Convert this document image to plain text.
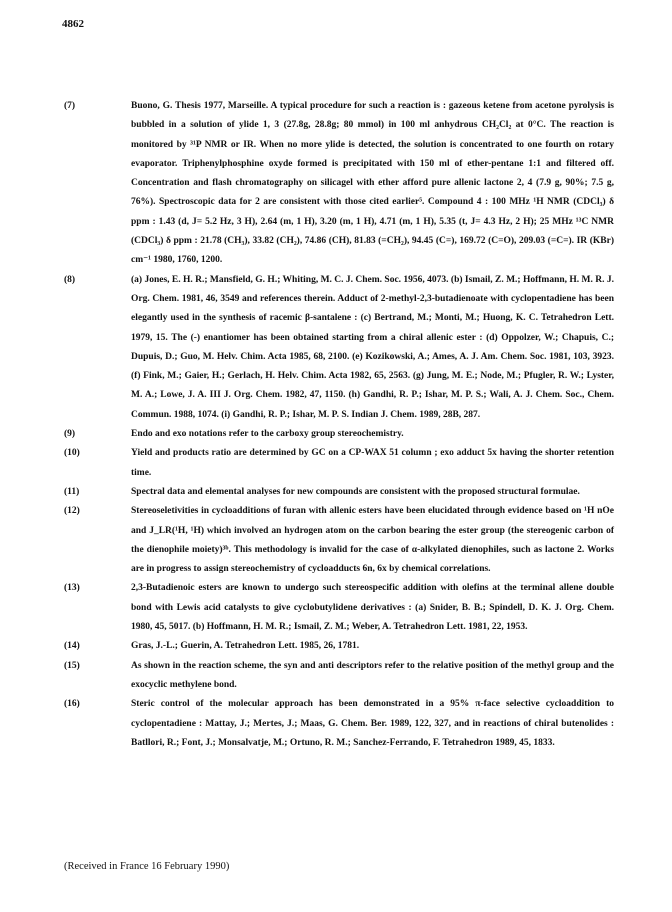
4862
(7)	Buono, G. Thesis 1977, Marseille. A typical procedure for such a reaction is : gazeous ketene from acetone pyrolysis is bubbled in a solution of ylide 1, 3 (27.8g, 28.8g; 80 mmol) in 100 ml anhydrous CH₂Cl₂ at 0°C. The reaction is monitored by ³¹P NMR or IR. When no more ylide is detected, the solution is concentrated to one fourth on rotary evaporator. Triphenylphosphine oxyde formed is precipitated with 150 ml of ether-pentane 1:1 and filtered off. Concentration and flash chromatography on silicagel with ether afford pure allenic lactone 2, 4 (7.9 g, 90%; 7.5 g, 76%). Spectroscopic data for 2 are consistent with those cited earlier⁵. Compound 4 : 100 MHz ¹H NMR (CDCl₃) δ ppm : 1.43 (d, J= 5.2 Hz, 3 H), 2.64 (m, 1 H), 3.20 (m, 1 H), 4.71 (m, 1 H), 5.35 (t, J= 4.3 Hz, 2 H); 25 MHz ¹³C NMR (CDCl₃) δ ppm : 21.78 (CH₃), 33.82 (CH₂), 74.86 (CH), 81.83 (=CH₂), 94.45 (C=), 169.72 (C=O), 209.03 (=C=). IR (KBr) cm⁻¹ 1980, 1760, 1200.
(8)	(a) Jones, E. H. R.; Mansfield, G. H.; Whiting, M. C. J. Chem. Soc. 1956, 4073. (b) Ismail, Z. M.; Hoffmann, H. M. R. J. Org. Chem. 1981, 46, 3549 and references therein. Adduct of 2-methyl-2,3-butadienoate with cyclopentadiene has been elegantly used in the synthesis of racemic β-santalene : (c) Bertrand, M.; Monti, M.; Huong, K. C. Tetrahedron Lett. 1979, 15. The (-) enantiomer has been obtained starting from a chiral allenic ester : (d) Oppolzer, W.; Chapuis, C.; Dupuis, D.; Guo, M. Helv. Chim. Acta 1985, 68, 2100. (e) Kozikowski, A.; Ames, A. J. Am. Chem. Soc. 1981, 103, 3923. (f) Fink, M.; Gaier, H.; Gerlach, H. Helv. Chim. Acta 1982, 65, 2563. (g) Jung, M. E.; Node, M.; Pfugler, R. W.; Lyster, M. A.; Lowe, J. A. III J. Org. Chem. 1982, 47, 1150. (h) Gandhi, R. P.; Ishar, M. P. S.; Wali, A. J. Chem. Soc., Chem. Commun. 1988, 1074. (i) Gandhi, R. P.; Ishar, M. P. S. Indian J. Chem. 1989, 28B, 287.
(9)	Endo and exo notations refer to the carboxy group stereochemistry.
(10)	Yield and products ratio are determined by GC on a CP-WAX 51 column ; exo adduct 5x having the shorter retention time.
(11)	Spectral data and elemental analyses for new compounds are consistent with the proposed structural formulae.
(12)	Stereoseletivities in cycloadditions of furan with allenic esters have been elucidated through evidence based on ¹H nOe and J_LR(¹H, ¹H) which involved an hydrogen atom on the carbon bearing the ester group (the stereogenic carbon of the dienophile moiety)³ᵇ. This methodology is invalid for the case of α-alkylated dienophiles, such as lactone 2. Works are in progress to assign stereochemistry of cycloadducts 6n, 6x by chemical correlations.
(13)	2,3-Butadienoic esters are known to undergo such stereospecific addition with olefins at the terminal allene double bond with Lewis acid catalysts to give cyclobutylidene derivatives : (a) Snider, B. B.; Spindell, D. K. J. Org. Chem. 1980, 45, 5017. (b) Hoffmann, H. M. R.; Ismail, Z. M.; Weber, A. Tetrahedron Lett. 1981, 22, 1953.
(14)	Gras, J.-L.; Guerin, A. Tetrahedron Lett. 1985, 26, 1781.
(15)	As shown in the reaction scheme, the syn and anti descriptors refer to the relative position of the methyl group and the exocyclic methylene bond.
(16)	Steric control of the molecular approach has been demonstrated in a 95% π-face selective cycloaddition to cyclopentadiene : Mattay, J.; Mertes, J.; Maas, G. Chem. Ber. 1989, 122, 327, and in reactions of chiral butenolides : Batllori, R.; Font, J.; Monsalvatje, M.; Ortuno, R. M.; Sanchez-Ferrando, F. Tetrahedron 1989, 45, 1833.
(Received in France 16 February 1990)
